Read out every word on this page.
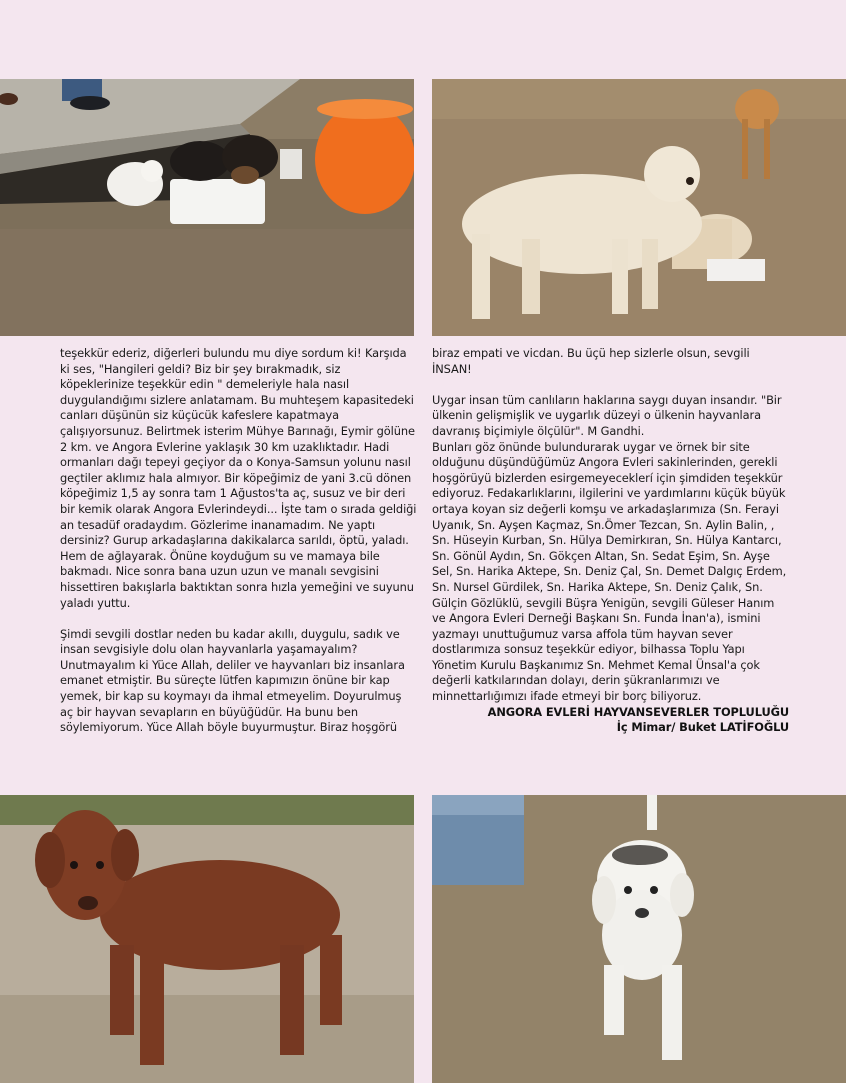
teşekkür ederiz, diğerleri bulundu mu diye sordum ki! Karşıda ki ses, "Hangileri geldi? Biz bir şey bırakmadık, siz köpeklerinize teşekkür edin " demeleriyle hala nasıl duygulandığımı sizlere anlatamam. Bu muhteşem kapasitedeki canları düşünün siz küçücük kafeslere kapatmaya çalışıyorsunuz. Belirtmek isterim Mühye Barınağı, Eymir gölüne 2 km. ve Angora Evlerine yaklaşık 30 km uzaklıktadır. Hadi ormanları dağı tepeyi geçiyor da o Konya-Samsun yolunu nasıl geçtiler aklımız hala almıyor. Bir köpeğimiz de yani 3.cü dönen köpeğimiz 1,5 ay sonra tam 1 Ağustos'ta aç, susuz ve bir deri bir kemik olarak Angora Evlerindeydi... İşte tam o sırada geldiği an tesadüf oradaydım. Gözlerime inanamadım. Ne yaptı dersiniz? Gurup arkadaşlarına dakikalarca sarıldı, öptü, yaladı. Hem de ağlayarak. Önüne koyduğum su ve mamaya bile bakmadı. Nice sonra bana uzun uzun ve manalı sevgisini hissettiren bakışlarla baktıktan sonra hızla yemeğini ve suyunu yaladı yuttu.

Şimdi sevgili dostlar neden bu kadar akıllı, duygulu, sadık ve insan sevgisiyle dolu olan hayvanlarla yaşamayalım? Unutmayalım ki Yüce Allah, deliler ve hayvanları biz insanlara emanet etmiştir. Bu süreçte lütfen kapımızın önüne bir kap yemek, bir kap su koymayı da ihmal etmeyelim. Doyurulmuş aç bir hayvan sevapların en büyüğüdür. Ha bunu ben söylemiyorum. Yüce Allah böyle buyurmuştur. Biraz hoşgörü

biraz empati ve vicdan. Bu üçü hep sizlerle olsun, sevgili İNSAN!

Uygar insan tüm canlıların haklarına saygı duyan insandır. "Bir ülkenin gelişmişlik ve uygarlık düzeyi o ülkenin hayvanlara davranış biçimiyle ölçülür". M Gandhi.

Bunları göz önünde bulundurarak uygar ve örnek bir site olduğunu düşündüğümüz Angora Evleri sakinlerinden, gerekli hoşgörüyü bizlerden esirgemeyeceklerí için şimdiden teşekkür ediyoruz. Fedakarlıklarını, ilgilerini ve yardımlarını küçük büyük ortaya koyan siz değerli komşu ve arkadaşlarımıza (Sn. Ferayi Uyanık, Sn. Ayşen Kaçmaz, Sn.Ömer Tezcan, Sn. Aylin Balin, , Sn. Hüseyin Kurban, Sn. Hülya Demirkıran, Sn. Hülya Kantarcı, Sn. Gönül Aydın, Sn. Gökçen Altan, Sn. Sedat Eşim, Sn. Ayşe Sel, Sn. Harika Aktepe, Sn. Deniz Çal, Sn. Demet Dalgıç Erdem, Sn. Nursel Gürdilek, Sn. Harika Aktepe, Sn. Deniz Çalık, Sn. Gülçin Gözlüklü, sevgili Büşra Yenigün, sevgili Güleser Hanım ve Angora Evleri Derneği Başkanı Sn. Funda İnan'a), ismini yazmayı unuttuğumuz varsa affola tüm hayvan sever dostlarımıza sonsuz teşekkür ediyor, bilhassa Toplu Yapı Yönetim Kurulu Başkanımız Sn. Mehmet Kemal Ünsal'a çok değerli katkılarından dolayı, derin şükranlarımızı ve minnettarlığımızı ifade etmeyi bir borç biliyoruz.

ANGORA EVLERİ HAYVANSEVERLER TOPLULUĞU

İç Mimar/ Buket LATİFOĞLU
